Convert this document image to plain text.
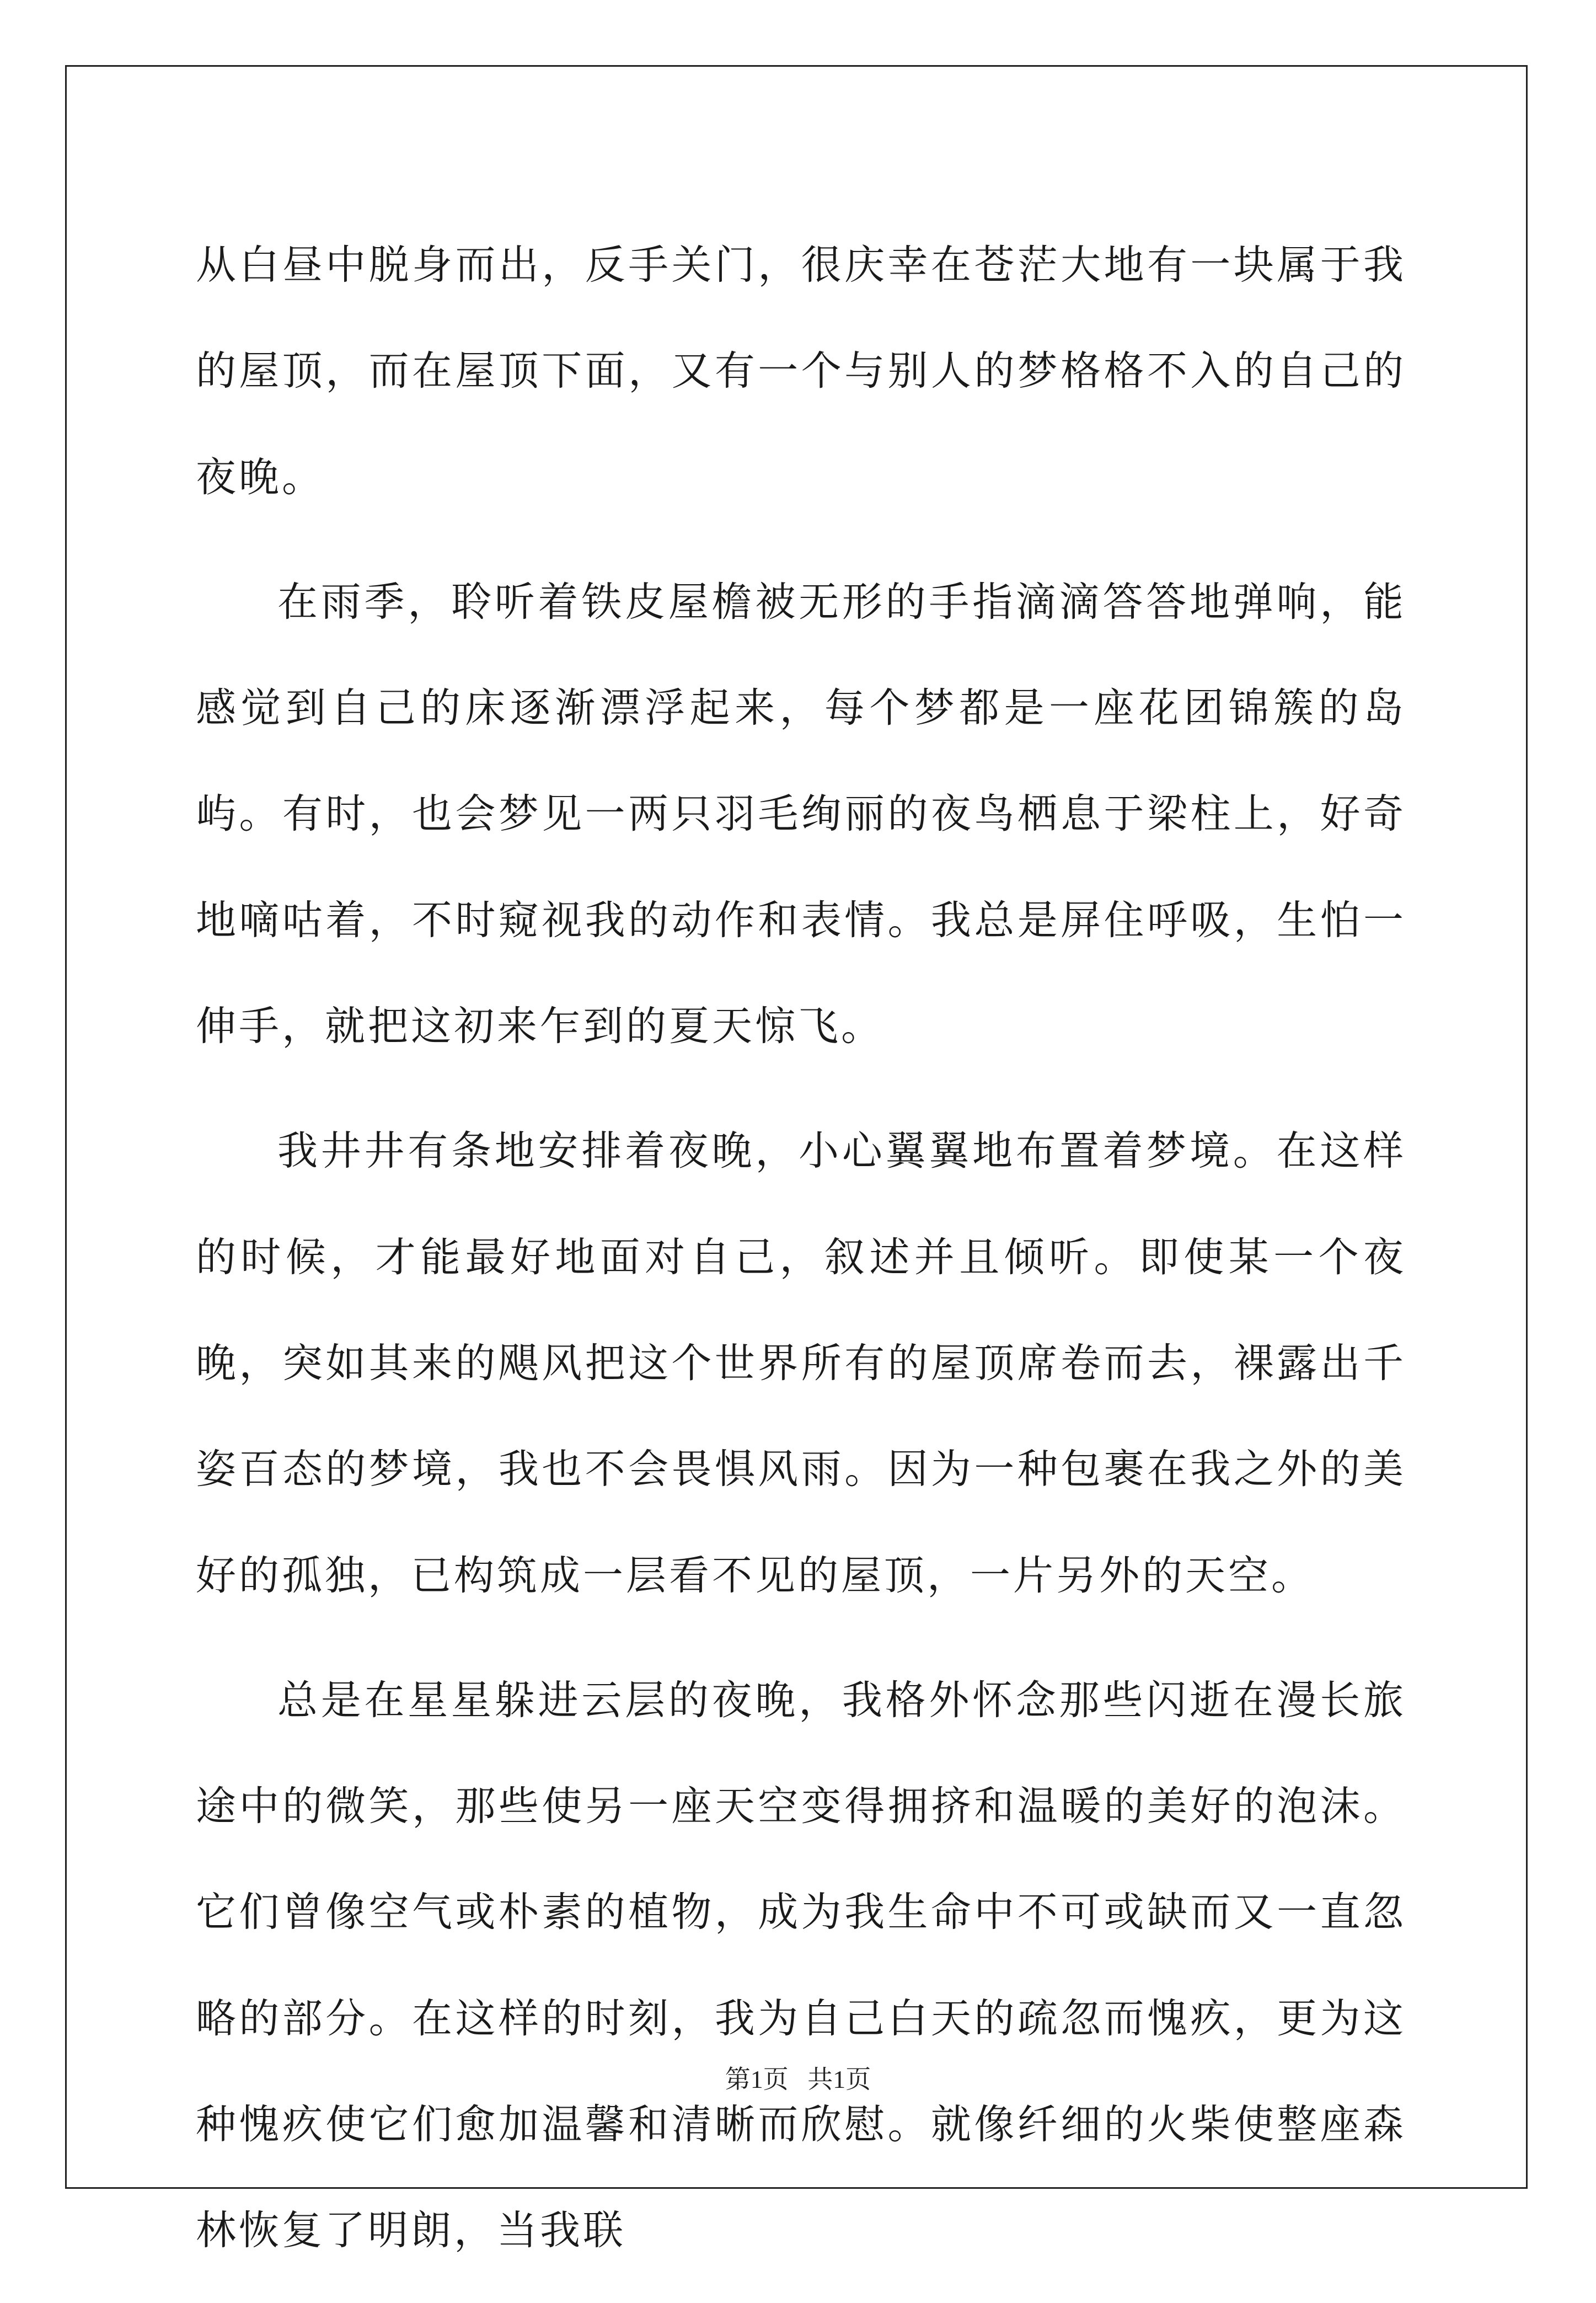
从白昼中脱身而出，反手关门，很庆幸在苍茫大地有一块属于我的屋顶，而在屋顶下面，又有一个与别人的梦格格不入的自己的夜晚。

在雨季，聆听着铁皮屋檐被无形的手指滴滴答答地弹响，能感觉到自己的床逐渐漂浮起来，每个梦都是一座花团锦簇的岛屿。有时，也会梦见一两只羽毛绚丽的夜鸟栖息于梁柱上，好奇地嘀咕着，不时窥视我的动作和表情。我总是屏住呼吸，生怕一伸手，就把这初来乍到的夏天惊飞。

我井井有条地安排着夜晚，小心翼翼地布置着梦境。在这样的时候，才能最好地面对自己，叙述并且倾听。即使某一个夜晚，突如其来的飓风把这个世界所有的屋顶席卷而去，裸露出千姿百态的梦境，我也不会畏惧风雨。因为一种包裹在我之外的美好的孤独，已构筑成一层看不见的屋顶，一片另外的天空。

总是在星星躲进云层的夜晚，我格外怀念那些闪逝在漫长旅途中的微笑，那些使另一座天空变得拥挤和温暖的美好的泡沫。它们曾像空气或朴素的植物，成为我生命中不可或缺而又一直忽略的部分。在这样的时刻，我为自己白天的疏忽而愧疚，更为这种愧疚使它们愈加温馨和清晰而欣慰。就像纤细的火柴使整座森林恢复了明朗，当我联

第1页   共1页
